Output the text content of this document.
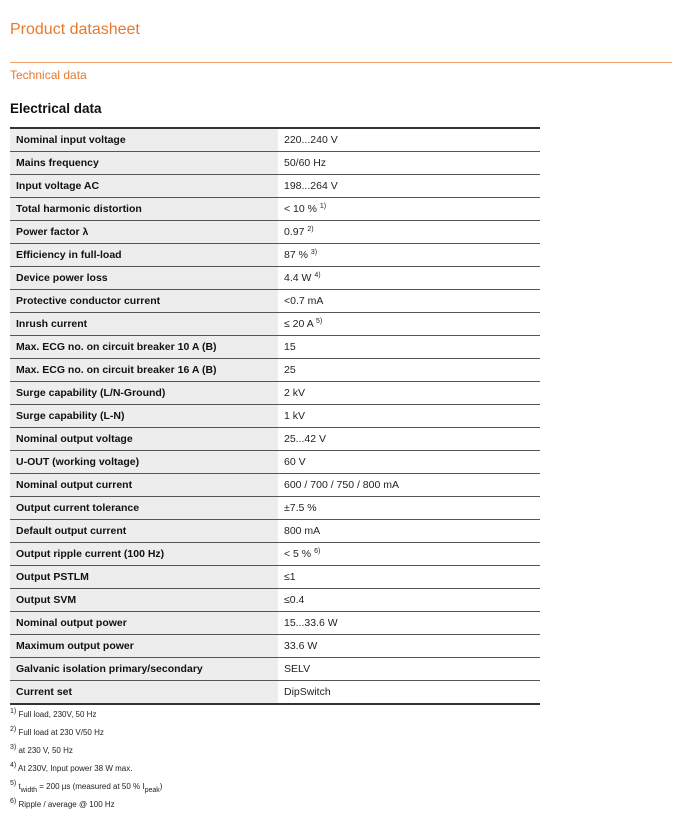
Product datasheet
Technical data
Electrical data
Nominal input voltage	220...240 V
Mains frequency	50/60 Hz
Input voltage AC	198...264 V
Total harmonic distortion	< 10 % $^{1)}$
Power factor λ	0.97 $^{2)}$
Efficiency in full-load	87 % $^{3)}$
Device power loss	4.4 W $^{4)}$
Protective conductor current	<0.7 mA
Inrush current	≤ 20 A $^{5)}$
Max. ECG no. on circuit breaker 10 A (B)	15
Max. ECG no. on circuit breaker 16 A (B)	25
Surge capability (L/N-Ground)	2 kV
Surge capability (L-N)	1 kV
Nominal output voltage	25...42 V
U-OUT (working voltage)	60 V
Nominal output current	600 / 700 / 750 / 800 mA
Output current tolerance	±7.5 %
Default output current	800 mA
Output ripple current (100 Hz)	< 5 % $^{6)}$
Output PSTLM	≤1
Output SVM	≤0.4
Nominal output power	15...33.6 W
Maximum output power	33.6 W
Galvanic isolation primary/secondary	SELV
Current set	DipSwitch
$^{1)}$ Full load, 230V, 50 Hz
$^{2)}$ Full load at 230 V/50 Hz
$^{3)}$ at 230 V, 50 Hz
$^{4)}$ At 230V, Input power 38 W max.
$^{5)}$ $t_{width} = 200$ µs (measured at 50 % $I_{peak}$)
$^{6)}$ Ripple / average @ 100 Hz
